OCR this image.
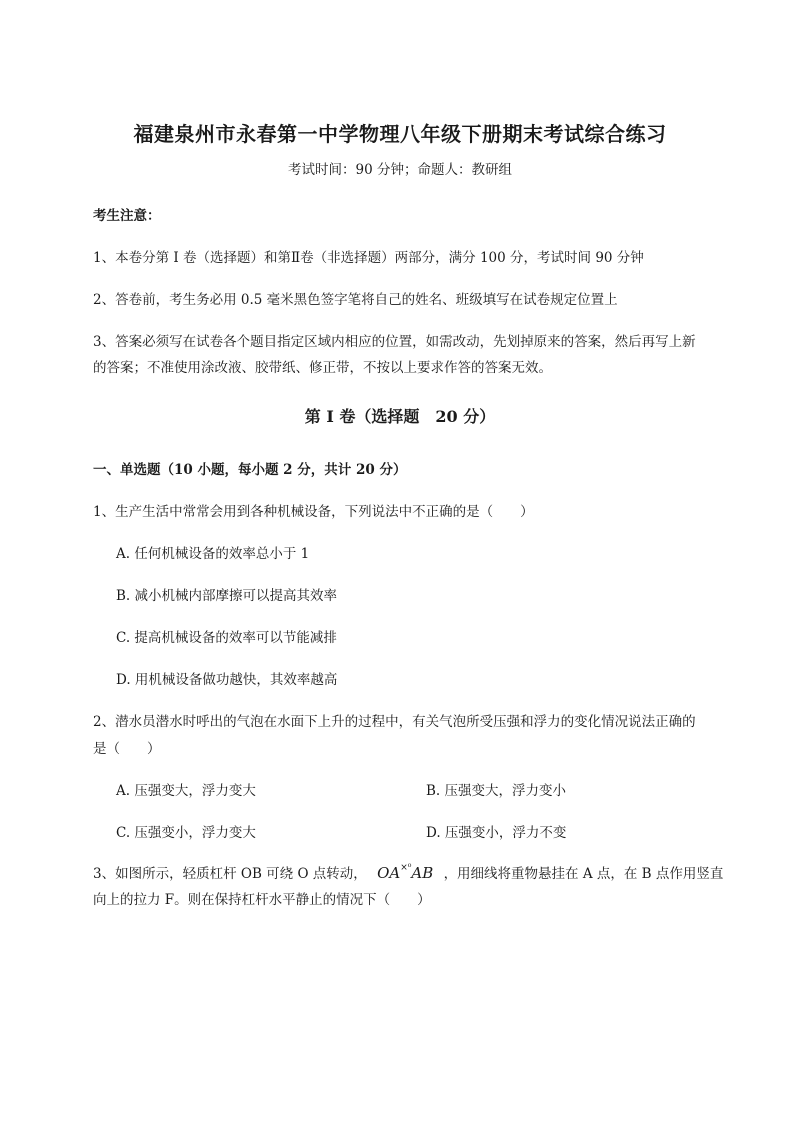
福建泉州市永春第一中学物理八年级下册期末考试综合练习
考试时间：90 分钟；命题人：教研组
考生注意：
1、本卷分第 I 卷（选择题）和第Ⅱ卷（非选择题）两部分，满分 100 分，考试时间 90 分钟
2、答卷前，考生务必用 0.5 毫米黑色签字笔将自己的姓名、班级填写在试卷规定位置上
3、答案必须写在试卷各个题目指定区域内相应的位置，如需改动，先划掉原来的答案，然后再写上新
的答案；不准使用涂改液、胶带纸、修正带，不按以上要求作答的答案无效。
第 I 卷（选择题　20 分）
一、单选题（10 小题，每小题 2 分，共计 20 分）
1、生产生活中常常会用到各种机械设备，下列说法中不正确的是（　　）
A. 任何机械设备的效率总小于 1
B. 减小机械内部摩擦可以提高其效率
C. 提高机械设备的效率可以节能减排
D. 用机械设备做功越快，其效率越高
2、潜水员潜水时呼出的气泡在水面下上升的过程中，有关气泡所受压强和浮力的变化情况说法正确的
是（　　）
A. 压强变大，浮力变大	B. 压强变大，浮力变小
C. 压强变小，浮力变大	D. 压强变小，浮力不变
3、如图所示，轻质杠杆 OB 可绕 O 点转动， $OA^{\times^0}AB$ ，用细线将重物悬挂在 A 点，在 B 点作用竖直
向上的拉力 F。则在保持杠杆水平静止的情况下（　　）
